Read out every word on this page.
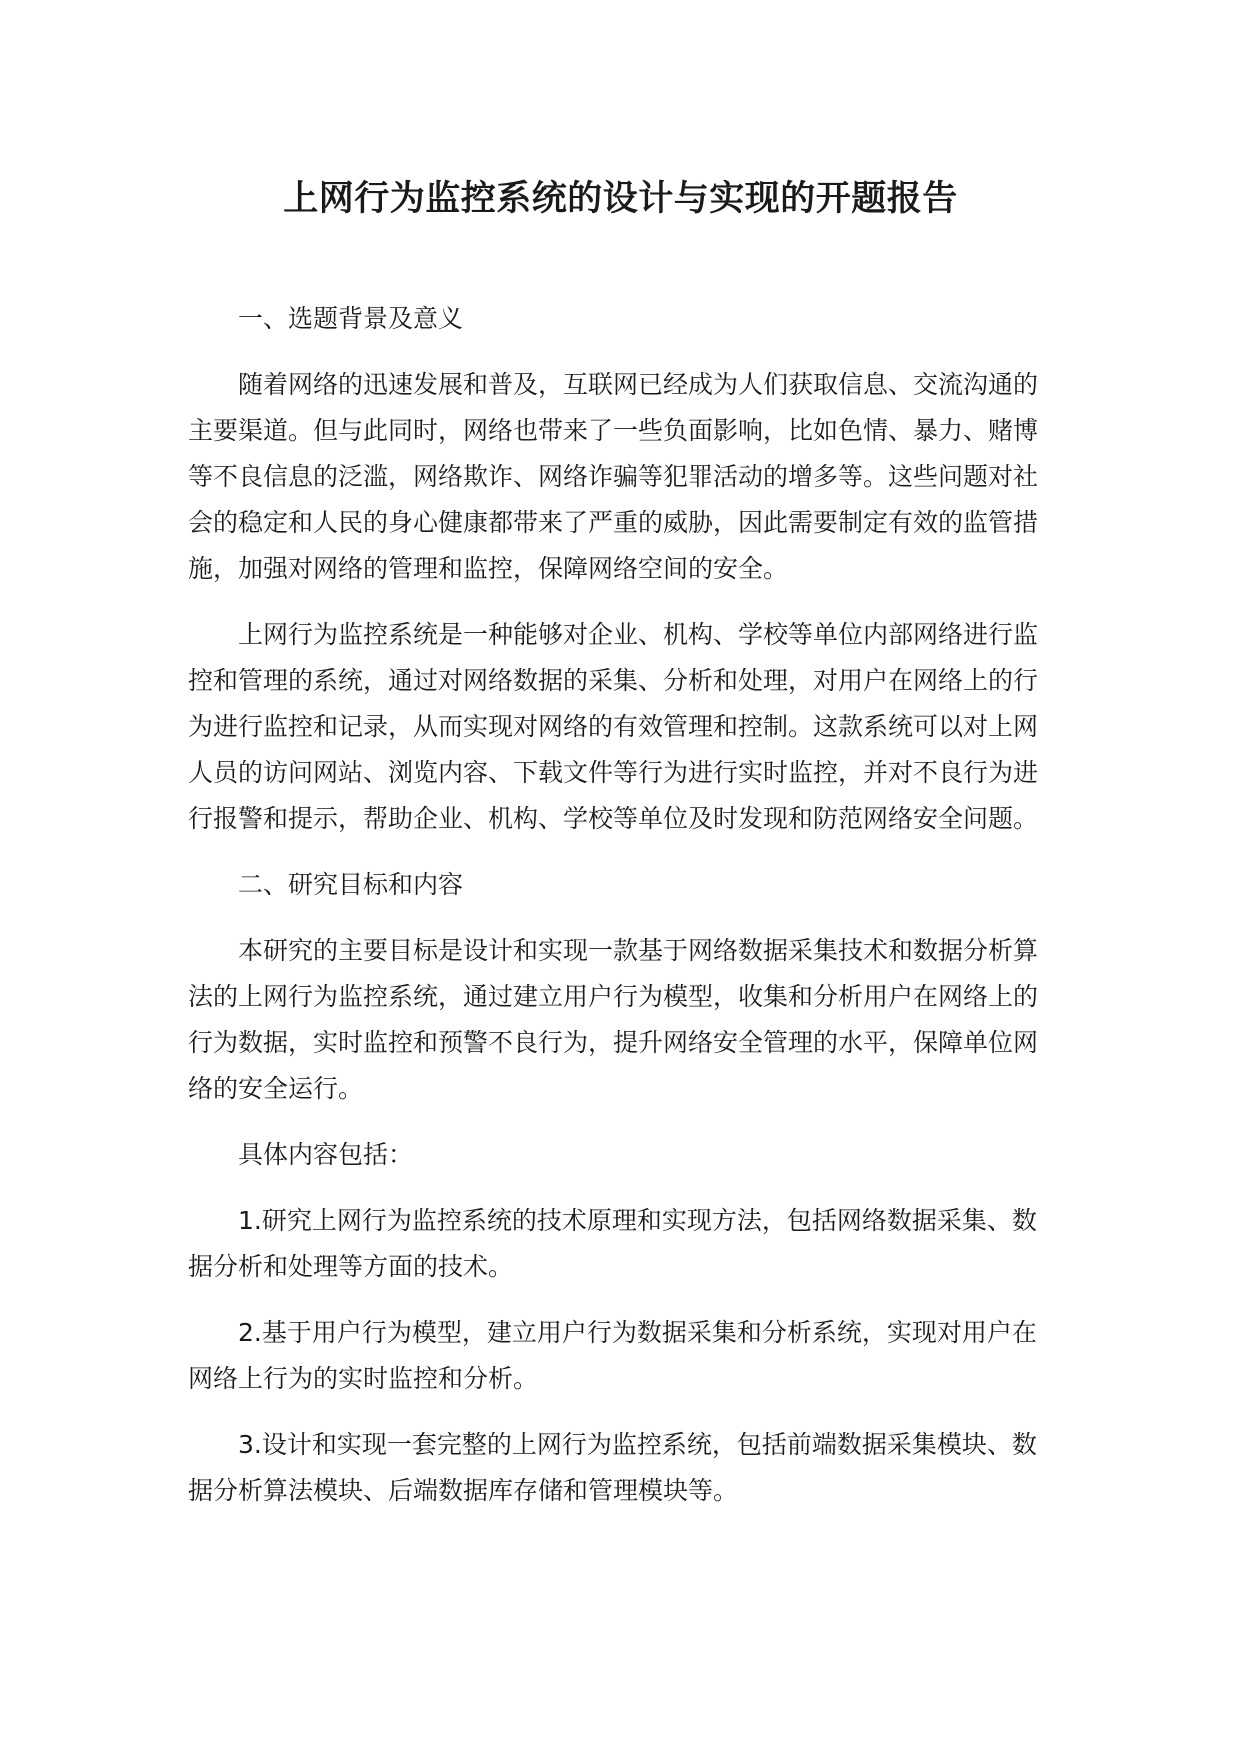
上网行为监控系统的设计与实现的开题报告

一、选题背景及意义

随着网络的迅速发展和普及，互联网已经成为人们获取信息、交流沟通的主要渠道。但与此同时，网络也带来了一些负面影响，比如色情、暴力、赌博等不良信息的泛滥，网络欺诈、网络诈骗等犯罪活动的增多等。这些问题对社会的稳定和人民的身心健康都带来了严重的威胁，因此需要制定有效的监管措施，加强对网络的管理和监控，保障网络空间的安全。

上网行为监控系统是一种能够对企业、机构、学校等单位内部网络进行监控和管理的系统，通过对网络数据的采集、分析和处理，对用户在网络上的行为进行监控和记录，从而实现对网络的有效管理和控制。这款系统可以对上网人员的访问网站、浏览内容、下载文件等行为进行实时监控，并对不良行为进行报警和提示，帮助企业、机构、学校等单位及时发现和防范网络安全问题。

二、研究目标和内容

本研究的主要目标是设计和实现一款基于网络数据采集技术和数据分析算法的上网行为监控系统，通过建立用户行为模型，收集和分析用户在网络上的行为数据，实时监控和预警不良行为，提升网络安全管理的水平，保障单位网络的安全运行。

具体内容包括：

1.研究上网行为监控系统的技术原理和实现方法，包括网络数据采集、数据分析和处理等方面的技术。

2.基于用户行为模型，建立用户行为数据采集和分析系统，实现对用户在网络上行为的实时监控和分析。

3.设计和实现一套完整的上网行为监控系统，包括前端数据采集模块、数据分析算法模块、后端数据库存储和管理模块等。
